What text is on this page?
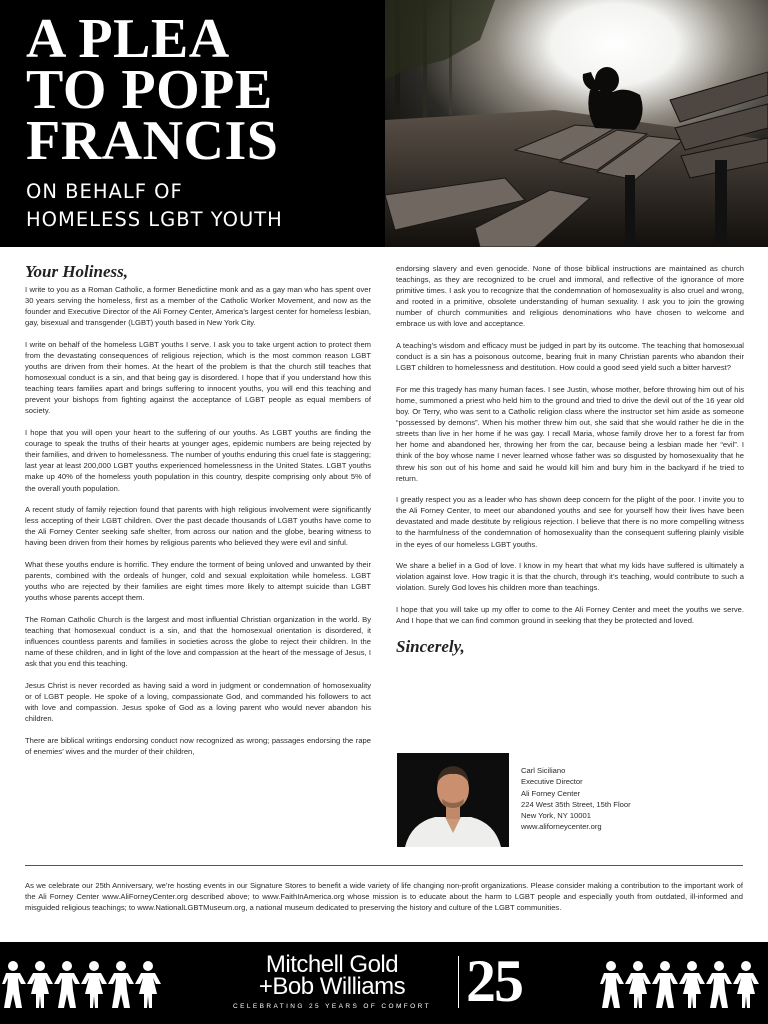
A PLEA
TO POPE
FRANCIS
ON BEHALF OF
HOMELESS LGBT YOUTH
Your Holiness,

I write to you as a Roman Catholic, a former Benedictine monk and as a gay man who has spent over 30 years serving the homeless, first as a member of the Catholic Worker Movement, and now as the founder and Executive Director of the Ali Forney Center, America’s largest center for homeless lesbian, gay, bisexual and transgender (LGBT) youth based in New York City.

I write on behalf of the homeless LGBT youths I serve. I ask you to take urgent action to protect them from the devastating consequences of religious rejection, which is the most common reason LGBT youths are driven from their homes. At the heart of the problem is that the church still teaches that homosexual conduct is a sin, and that being gay is disordered. I hope that if you understand how this teaching tears families apart and brings suffering to innocent youths, you will end this teaching and prevent your bishops from fighting against the acceptance of LGBT people as equal members of society.

I hope that you will open your heart to the suffering of our youths. As LGBT youths are finding the courage to speak the truths of their hearts at younger ages, epidemic numbers are being rejected by their families, and driven to homelessness. The number of youths enduring this cruel fate is staggering; last year at least 200,000 LGBT youths experienced homelessness in the United States. LGBT youths make up 40% of the homeless youth population in this country, despite comprising only about 5% of the overall youth population.

A recent study of family rejection found that parents with high religious involvement were significantly less accepting of their LGBT children. Over the past decade thousands of LGBT youths have come to the Ali Forney Center seeking safe shelter, from across our nation and the globe, bearing witness to having been driven from their homes by religious parents who believed they were evil and sinful.

What these youths endure is horrific. They endure the torment of being unloved and unwanted by their parents, combined with the ordeals of hunger, cold and sexual exploitation while homeless. LGBT youths who are rejected by their families are eight times more likely to attempt suicide than LGBT youths whose parents accept them.

The Roman Catholic Church is the largest and most influential Christian organization in the world. By teaching that homosexual conduct is a sin, and that the homosexual orientation is disordered, it influences countless parents and families in societies across the globe to reject their children. In the name of these children, and in light of the love and compassion at the heart of the message of Jesus, I ask that you end this teaching.

Jesus Christ is never recorded as having said a word in judgment or condemnation of homosexuality or of LGBT people. He spoke of a loving, compassionate God, and commanded his followers to act with love and compassion. Jesus spoke of God as a loving parent who would never abandon his children.

There are biblical writings endorsing conduct now recognized as wrong; passages endorsing the rape of enemies’ wives and the murder of their children,

endorsing slavery and even genocide. None of those biblical instructions are maintained as church teachings, as they are recognized to be cruel and immoral, and reflective of the ignorance of more primitive times. I ask you to recognize that the condemnation of homosexuality is also cruel and wrong, and rooted in a primitive, obsolete understanding of human sexuality. I ask you to join the growing number of church communities and religious denominations who have chosen to welcome and embrace us with love and acceptance.

A teaching’s wisdom and efficacy must be judged in part by its outcome. The teaching that homosexual conduct is a sin has a poisonous outcome, bearing fruit in many Christian parents who abandon their LGBT children to homelessness and destitution. How could a good seed yield such a bitter harvest?

For me this tragedy has many human faces. I see Justin, whose mother, before throwing him out of his home, summoned a priest who held him to the ground and tried to drive the devil out of the 16 year old boy. Or Terry, who was sent to a Catholic religion class where the instructor set him aside as someone “possessed by demons”. When his mother threw him out, she said that she would rather he die in the streets than live in her home if he was gay. I recall Maria, whose family drove her to a forest far from her home and abandoned her, throwing her from the car, because being a lesbian made her “evil”. I think of the boy whose name I never learned whose father was so disgusted by homosexuality that he threw his son out of his home and said he would kill him and bury him in the backyard if he tried to return.

I greatly respect you as a leader who has shown deep concern for the plight of the poor. I invite you to the Ali Forney Center, to meet our abandoned youths and see for yourself how their lives have been devastated and made destitute by religious rejection. I believe that there is no more compelling witness to the harmfulness of the condemnation of homosexuality than the consequent suffering plainly visible in the eyes of our homeless LGBT youths.

We share a belief in a God of love. I know in my heart that what my kids have suffered is ultimately a violation against love. How tragic it is that the church, through it’s teaching, would contribute to such a violation. Surely God loves his children more than teachings.

I hope that you will take up my offer to come to the Ali Forney Center and meet the youths we serve. And I hope that we can find common ground in seeking that they be protected and loved.

Sincerely,
Carl Siciliano
Executive Director
Ali Forney Center
224 West 35th Street, 15th Floor
New York, NY 10001
www.aliforneycenter.org
As we celebrate our 25th Anniversary, we’re hosting events in our Signature Stores to benefit a wide variety of life changing non-profit organizations. Please consider making a contribution to the important work of the Ali Forney Center www.AliForneyCenter.org described above; to www.FaithInAmerica.org whose mission is to educate about the harm to LGBT people and especially youth from outdated, ill-informed and misguided religious teachings; to www.NationalLGBTMuseum.org, a national museum dedicated to preserving the history and culture of the LGBT communities.
Mitchell Gold
+Bob Williams
CELEBRATING 25 YEARS OF COMFORT 25
